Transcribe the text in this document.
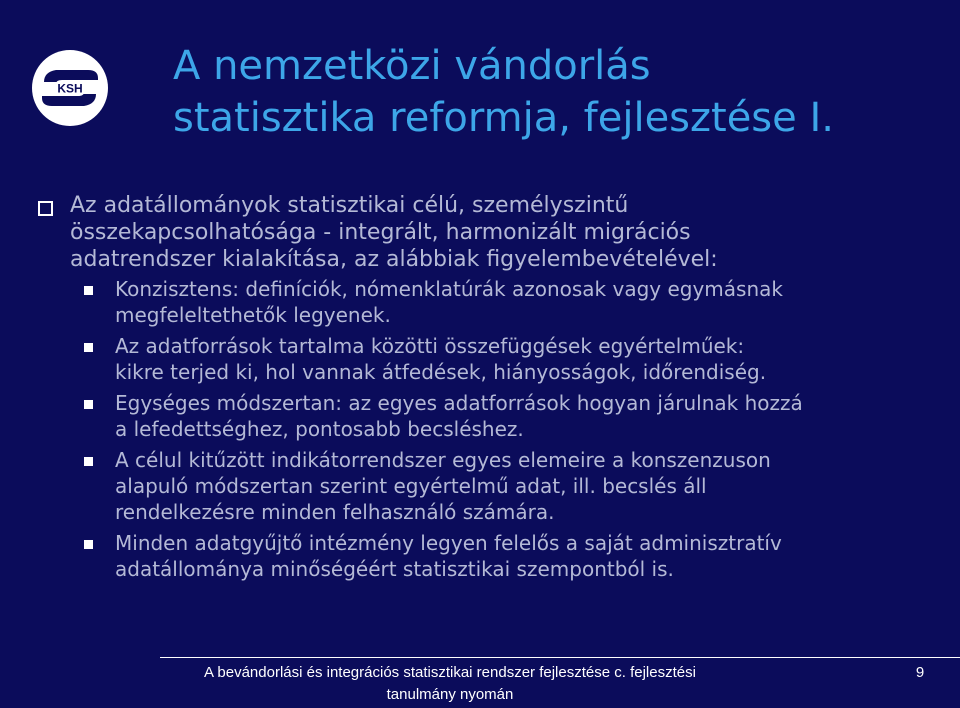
KSH A nemzetközi vándorlás
statisztika reformja, fejlesztése I.
Az adatállományok statisztikai célú, személyszintű
összekapcsolhatósága - integrált, harmonizált migrációs
adatrendszer kialakítása, az alábbiak figyelembevételével:
Konzisztens: definíciók, nómenklatúrák azonosak vagy egymásnak
megfeleltethetők legyenek.
Az adatforrások tartalma közötti összefüggések egyértelműek:
kikre terjed ki, hol vannak átfedések, hiányosságok, időrendiség.
Egységes módszertan: az egyes adatforrások hogyan járulnak hozzá
a lefedettséghez, pontosabb becsléshez.
A célul kitűzött indikátorrendszer egyes elemeire a konszenzuson
alapuló módszertan szerint egyértelmű adat, ill. becslés áll
rendelkezésre minden felhasználó számára.
Minden adatgyűjtő intézmény legyen felelős a saját adminisztratív
adatállománya minőségéért statisztikai szempontból is.
A bevándorlási és integrációs statisztikai rendszer fejlesztése c. fejlesztési
tanulmány nyomán
9
